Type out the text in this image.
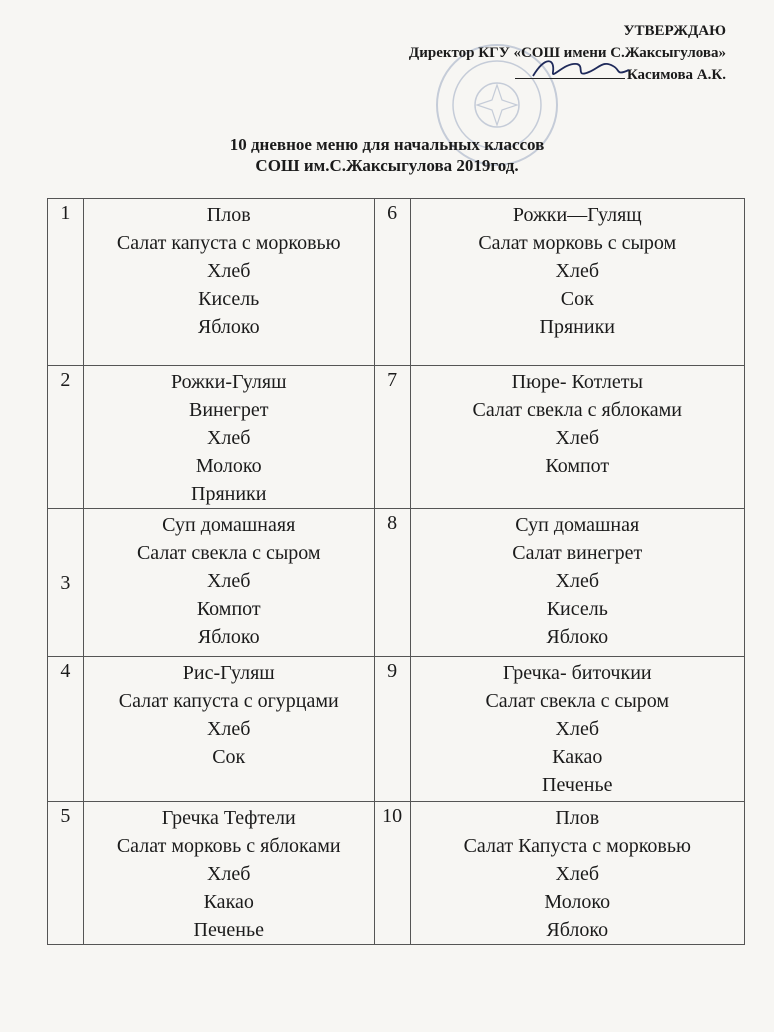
УТВЕРЖДАЮ
Директор КГУ «СОШ имени С.Жаксыгулова»
Касимова А.К.
10 дневное меню для начальных классов
СОШ им.С.Жаксыгулова 2019год.
1	Плов
Салат капуста с морковью
Хлеб
Кисель
Яблоко	6	Рожки—Гулящ
Салат морковь с сыром
Хлеб
Сок
Пряники

2	Рожки-Гуляш
Винегрет
Хлеб
Молоко
Пряники	7	Пюре- Котлеты
Салат свекла с яблоками
Хлеб
Компот

3	Суп домашнаяя
Салат свекла с сыром
Хлеб
Компот
Яблоко	8	Суп домашная
Салат винегрет
Хлеб
Кисель
Яблоко

4	Рис-Гуляш
Салат капуста с огурцами
Хлеб
Сок	9	Гречка- биточкии
Салат свекла с сыром
Хлеб
Какао
Печенье

5	Гречка Тефтели
Салат морковь с яблоками
Хлеб
Какао
Печенье	10	Плов
Салат Капуста с морковью
Хлеб
Молоко
Яблоко
